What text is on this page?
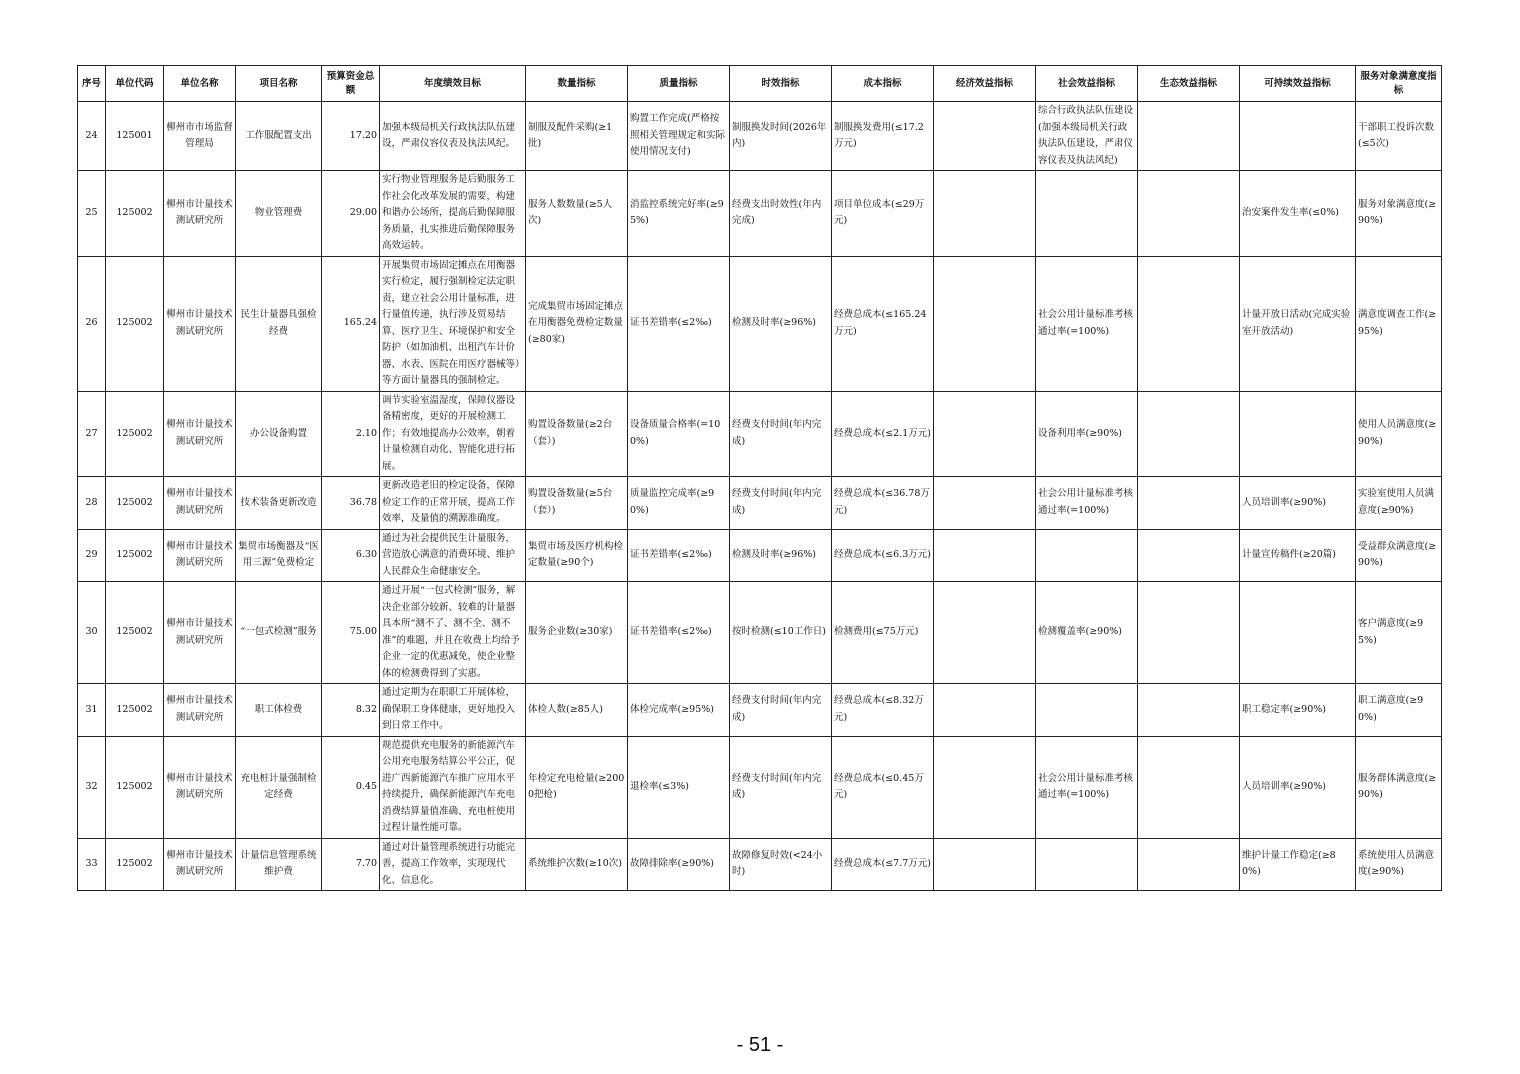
序号	单位代码	单位名称	项目名称	预算资金总额	年度绩效目标	数量指标	质量指标	时效指标	成本指标	经济效益指标	社会效益指标	生态效益指标	可持续效益指标	服务对象满意度指标
24	125001	柳州市市场监督管理局	工作服配置支出	17.20	加强本级局机关行政执法队伍建设，严肃仪容仪表及执法风纪。	制服及配件采购(≥1批)	购置工作完成(严格按照相关管理规定和实际使用情况支付)	制服换发时间(2026年内)	制服换发费用(≤17.2万元)		综合行政执法队伍建设(加强本级局机关行政执法队伍建设，严肃仪容仪表及执法风纪)			干部职工投诉次数(≤5次)
25	125002	柳州市计量技术测试研究所	物业管理费	29.00	实行物业管理服务是后勤服务工作社会化改革发展的需要，构建和谐办公场所，提高后勤保障服务质量，扎实推进后勤保障服务高效运转。	服务人数数量(≥5人次)	消监控系统完好率(≥95%)	经费支出时效性(年内完成)	项目单位成本(≤29万元)				治安案件发生率(≤0%)	服务对象满意度(≥90%)
26	125002	柳州市计量技术测试研究所	民生计量器具强检经费	165.24	开展集贸市场固定摊点在用衡器实行检定，履行强制检定法定职责，建立社会公用计量标准，进行量值传递，执行涉及贸易结算、医疗卫生、环境保护和安全防护（如加油机、出租汽车计价器、水表、医院在用医疗器械等）等方面计量器具的强制检定。	完成集贸市场固定摊点在用衡器免费检定数量(≥80家)	证书差错率(≤2‰)	检测及时率(≥96%)	经费总成本(≤165.24万元)		社会公用计量标准考核通过率(=100%)		计量开放日活动(完成实验室开放活动)	满意度调查工作(≥95%)
27	125002	柳州市计量技术测试研究所	办公设备购置	2.10	调节实验室温湿度，保障仪器设备精密度，更好的开展检测工作；有效地提高办公效率，朝着计量检测自动化、智能化进行拓展。	购置设备数量(≥2台（套）)	设备质量合格率(=100%)	经费支付时间(年内完成)	经费总成本(≤2.1万元)		设备利用率(≥90%)			使用人员满意度(≥90%)
28	125002	柳州市计量技术测试研究所	技术装备更新改造	36.78	更新改造老旧的检定设备，保障检定工作的正常开展，提高工作效率，及量值的溯源准确度。	购置设备数量(≥5台（套）)	质量监控完成率(≥90%)	经费支付时间(年内完成)	经费总成本(≤36.78万元)		社会公用计量标准考核通过率(=100%)		人员培训率(≥90%)	实验室使用人员满意度(≥90%)
29	125002	柳州市计量技术测试研究所	集贸市场衡器及“医用三源”免费检定	6.30	通过为社会提供民生计量服务，营造放心满意的消费环境、维护人民群众生命健康安全。	集贸市场及医疗机构检定数量(≥90个)	证书差错率(≤2‰)	检测及时率(≥96%)	经费总成本(≤6.3万元)				计量宣传稿件(≥20篇)	受益群众满意度(≥90%)
30	125002	柳州市计量技术测试研究所	“一包式检测”服务	75.00	通过开展“一包式检测”服务，解决企业部分较新、较难的计量器具本所“测不了、测不全、测不准”的难题，并且在收费上均给予企业一定的优惠减免，使企业整体的检测费得到了实惠。	服务企业数(≥30家)	证书差错率(≤2‰)	按时检测(≤10工作日)	检测费用(≤75万元)		检测覆盖率(≥90%)			客户满意度(≥95%)
31	125002	柳州市计量技术测试研究所	职工体检费	8.32	通过定期为在职职工开展体检，确保职工身体健康，更好地投入到日常工作中。	体检人数(≥85人)	体检完成率(≥95%)	经费支付时间(年内完成)	经费总成本(≤8.32万元)				职工稳定率(≥90%)	职工满意度(≥90%)
32	125002	柳州市计量技术测试研究所	充电桩计量强制检定经费	0.45	规范提供充电服务的新能源汽车公用充电服务结算公平公正，促进广西新能源汽车推广应用水平持续提升，确保新能源汽车充电消费结算量值准确、充电桩使用过程计量性能可靠。	年检定充电枪量(≥2000把枪)	退检率(≤3%)	经费支付时间(年内完成)	经费总成本(≤0.45万元)		社会公用计量标准考核通过率(=100%)		人员培训率(≥90%)	服务群体满意度(≥90%)
33	125002	柳州市计量技术测试研究所	计量信息管理系统维护费	7.70	通过对计量管理系统进行功能完善，提高工作效率，实现现代化、信息化。	系统维护次数(≥10次)	故障排除率(≥90%)	故障修复时效(<24小时)	经费总成本(≤7.7万元)				维护计量工作稳定(≥80%)	系统使用人员满意度(≥90%)
- 51 -
